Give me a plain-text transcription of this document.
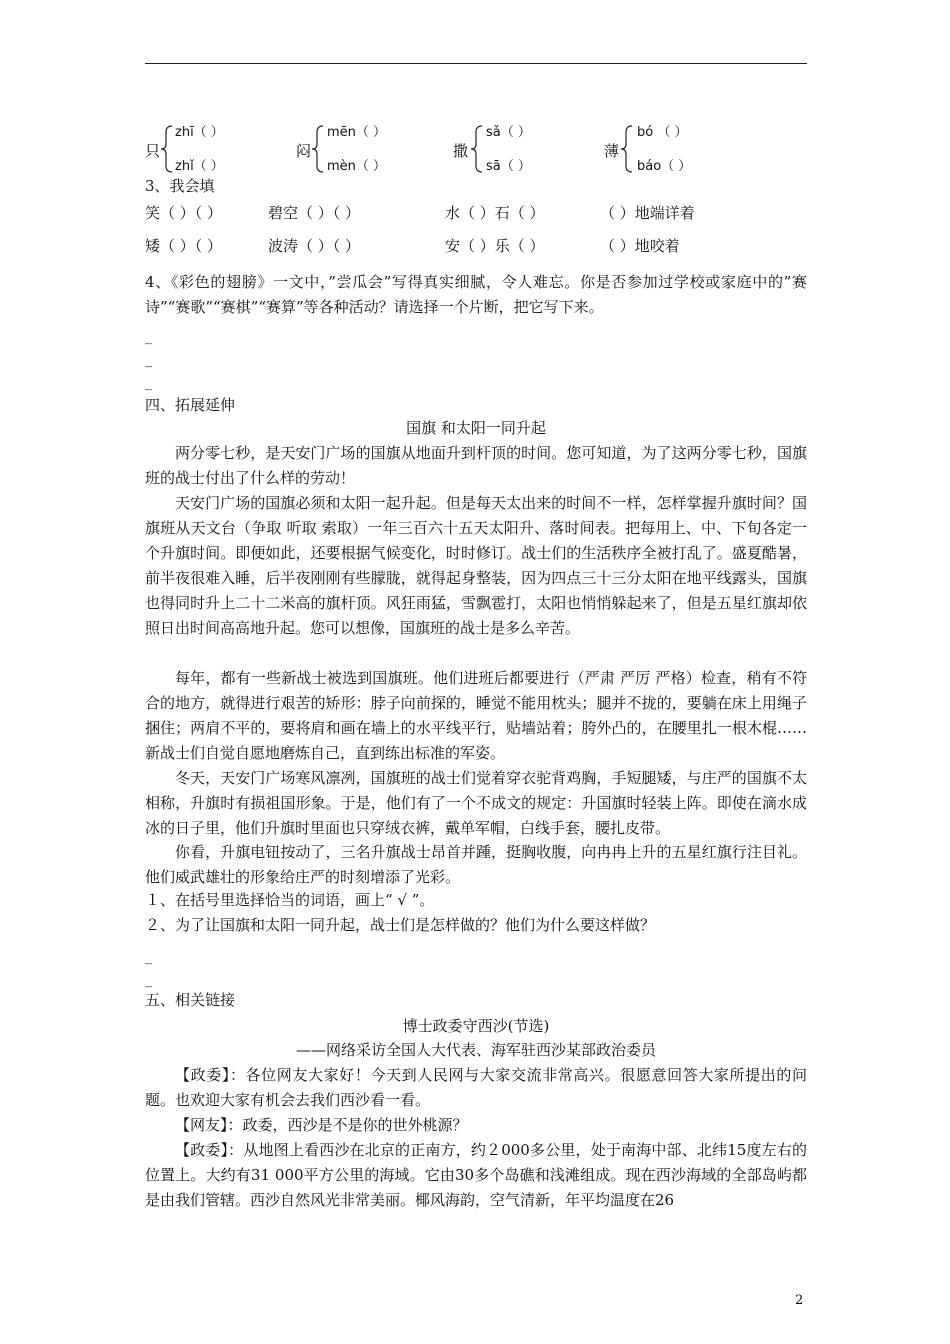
只
zhī（ ）
zhǐ（ ）
闷
mēn（ ）
mèn（ ）
撒
sǎ（ ）
sā（ ）
薄
bó （ ）
báo（ ）
3、我会填
笑（ ）（ ）	碧空（ ）（ ）	水（ ）石（ ）	（ ）地端详着
矮（ ）（ ）	波涛（ ）（ ）	安（ ）乐（ ）	（ ）地咬着
4、《彩色的翅膀》一文中，”尝瓜会”写得真实细腻，令人难忘。你是否参加过学校或家庭中的”赛诗”“赛歌”“赛棋”“赛算”等各种活动？请选择一个片断，把它写下来。
_
_
_
四、拓展延伸
国旗 和太阳一同升起
两分零七秒，是天安门广场的国旗从地面升到杆顶的时间。您可知道，为了这两分零七秒，国旗班的战士付出了什么样的劳动！
天安门广场的国旗必须和太阳一起升起。但是每天太出来的时间不一样，怎样掌握升旗时间？国旗班从天文台（争取 听取 索取）一年三百六十五天太阳升、落时间表。把每用上、中、下旬各定一个升旗时间。即便如此，还要根据气候变化，时时修订。战士们的生活秩序全被打乱了。盛夏酷暑，前半夜很难入睡，后半夜刚刚有些朦胧，就得起身整装，因为四点三十三分太阳在地平线露头，国旗也得同时升上二十二米高的旗杆顶。风狂雨猛，雪飘雹打，太阳也悄悄躲起来了，但是五星红旗却依照日出时间高高地升起。您可以想像，国旗班的战士是多么辛苦。
每年，都有一些新战士被选到国旗班。他们进班后都要进行（严肃 严厉 严格）检查，稍有不符合的地方，就得进行艰苦的矫形：脖子向前探的，睡觉不能用枕头；腿并不拢的，要躺在床上用绳子捆住；两肩不平的，要将肩和画在墙上的水平线平行，贴墙站着；胯外凸的，在腰里扎一根木棍……新战士们自觉自愿地磨炼自己，直到练出标准的军姿。
冬天，天安门广场寒风凛冽，国旗班的战士们觉着穿衣驼背鸡胸，手短腿矮，与庄严的国旗不太相称，升旗时有损祖国形象。于是，他们有了一个不成文的规定：升国旗时轻装上阵。即使在滴水成冰的日子里，他们升旗时里面也只穿绒衣裤，戴单军帽，白线手套，腰扎皮带。
你看，升旗电钮按动了，三名升旗战士昂首并踵，挺胸收腹，向冉冉上升的五星红旗行注目礼。他们威武雄壮的形象给庄严的时刻增添了光彩。
１、在括号里选择恰当的词语，画上“ √ ”。
２、为了让国旗和太阳一同升起，战士们是怎样做的？他们为什么要这样做？
_
_
五、相关链接
博士政委守西沙(节选)
——网络采访全国人大代表、海军驻西沙某部政治委员
【政委】：各位网友大家好！今天到人民网与大家交流非常高兴。很愿意回答大家所提出的问题。也欢迎大家有机会去我们西沙看一看。
【网友】：政委，西沙是不是你的世外桃源？
【政委】：从地图上看西沙在北京的正南方，约２000多公里，处于南海中部、北纬15度左右的位置上。大约有31 000平方公里的海域。它由30多个岛礁和浅滩组成。现在西沙海域的全部岛屿都是由我们管辖。西沙自然风光非常美丽。椰风海韵，空气清新，年平均温度在26
2
